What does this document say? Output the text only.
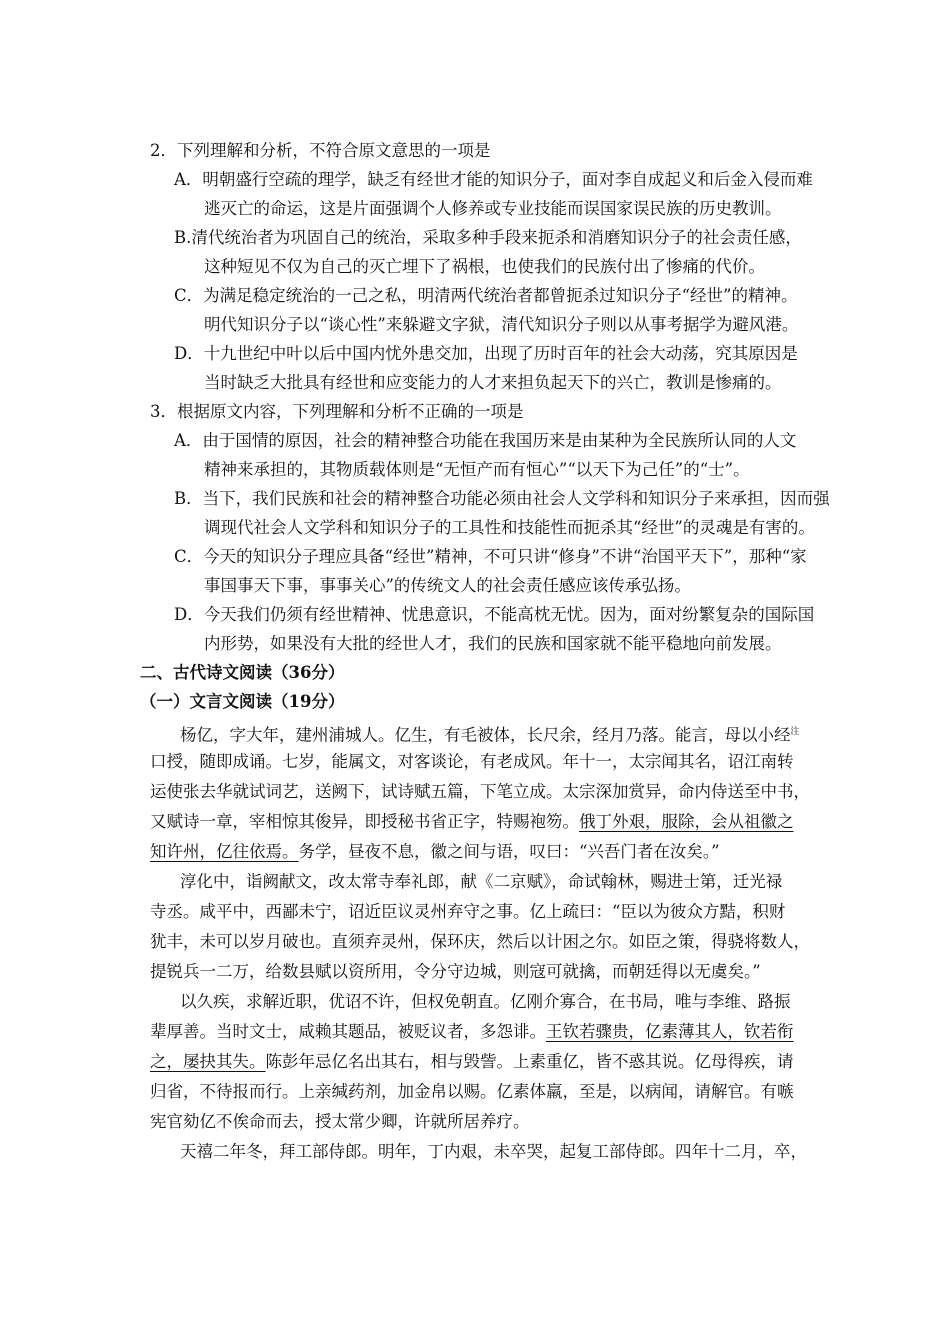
2．下列理解和分析，不符合原文意思的一项是
A．明朝盛行空疏的理学，缺乏有经世才能的知识分子，面对李自成起义和后金入侵而难
逃灭亡的命运，这是片面强调个人修养或专业技能而误国家误民族的历史教训。
B.清代统治者为巩固自己的统治，采取多种手段来扼杀和消磨知识分子的社会责任感，
这种短见不仅为自己的灭亡埋下了祸根，也使我们的民族付出了惨痛的代价。
C．为满足稳定统治的一己之私，明清两代统治者都曾扼杀过知识分子“经世”的精神。
明代知识分子以“谈心性”来躲避文字狱，清代知识分子则以从事考据学为避风港。
D．十九世纪中叶以后中国内忧外患交加，出现了历时百年的社会大动荡，究其原因是
当时缺乏大批具有经世和应变能力的人才来担负起天下的兴亡，教训是惨痛的。
3．根据原文内容，下列理解和分析不正确的一项是
A．由于国情的原因，社会的精神整合功能在我国历来是由某种为全民族所认同的人文
精神来承担的，其物质载体则是“无恒产而有恒心”“以天下为己任”的“士”。
B．当下，我们民族和社会的精神整合功能必须由社会人文学科和知识分子来承担，因而强
调现代社会人文学科和知识分子的工具性和技能性而扼杀其“经世”的灵魂是有害的。
C．今天的知识分子理应具备“经世”精神，不可只讲“修身”不讲“治国平天下”，那种“家
事国事天下事，事事关心”的传统文人的社会责任感应该传承弘扬。
D．今天我们仍须有经世精神、忧患意识，不能高枕无忧。因为，面对纷繁复杂的国际国
内形势，如果没有大批的经世人才，我们的民族和国家就不能平稳地向前发展。
二、古代诗文阅读（36分）
（一）文言文阅读（19分）
杨亿，字大年，建州浦城人。亿生，有毛被体，长尺余，经月乃落。能言，母以小经$^注$
口授，随即成诵。七岁，能属文，对客谈论，有老成风。年十一，太宗闻其名，诏江南转
运使张去华就试词艺，送阙下，试诗赋五篇，下笔立成。太宗深加赏异，命内侍送至中书，
又赋诗一章，宰相惊其俊异，即授秘书省正字，特赐袍笏。俄丁外艰，服除，会从祖徽之
知许州，亿往依焉。务学，昼夜不息，徽之间与语，叹曰：“兴吾门者在汝矣。”
淳化中，诣阙献文，改太常寺奉礼郎，献《二京赋》，命试翰林，赐进士第，迁光禄
寺丞。咸平中，西鄙未宁，诏近臣议灵州弃守之事。亿上疏曰：“臣以为彼众方黠，积财
犹丰，未可以岁月破也。直须弃灵州，保环庆，然后以计困之尔。如臣之策，得骁将数人，
提锐兵一二万，给数县赋以资所用，令分守边城，则寇可就擒，而朝廷得以无虞矣。”
以久疾，求解近职，优诏不许，但权免朝直。亿刚介寡合，在书局，唯与李维、路振
辈厚善。当时文士，咸赖其题品，被贬议者，多怨诽。王钦若骤贵，亿素薄其人，钦若衔
之，屡抉其失。陈彭年忌亿名出其右，相与毁訾。上素重亿，皆不惑其说。亿母得疾，请
归省，不待报而行。上亲缄药剂，加金帛以赐。亿素体羸，至是，以病闻，请解官。有嗾
宪官劾亿不俟命而去，授太常少卿，许就所居养疗。
天禧二年冬，拜工部侍郎。明年，丁内艰，未卒哭，起复工部侍郎。四年十二月，卒，
